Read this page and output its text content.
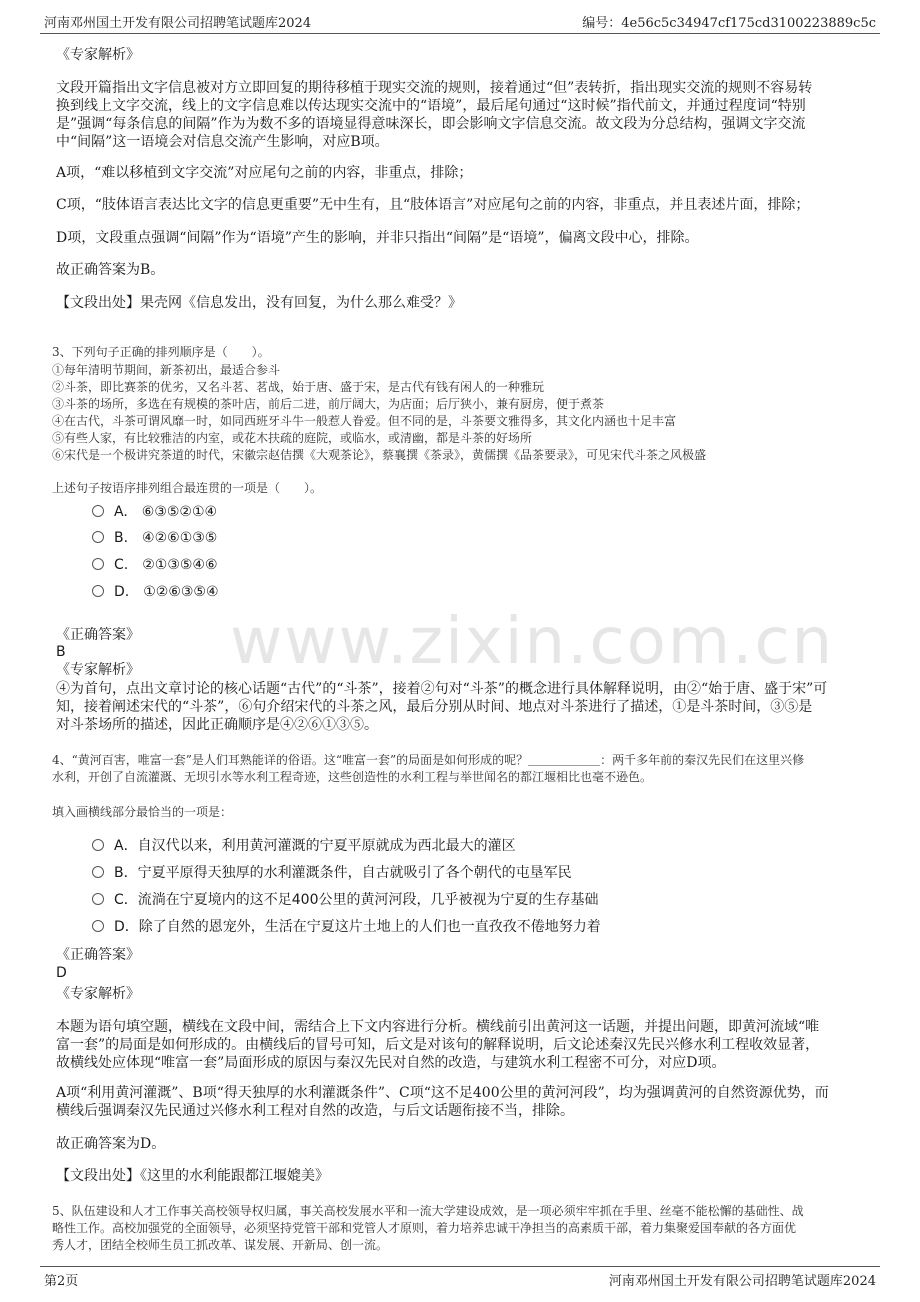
河南邓州国土开发有限公司招聘笔试题库2024	编号：4e56c5c34947cf175cd3100223889c5c
www.zixin.com.cn
《专家解析》
文段开篇指出文字信息被对方立即回复的期待移植于现实交流的规则，接着通过“但”表转折，指出现实交流的规则不容易转
换到线上文字交流，线上的文字信息难以传达现实交流中的“语境”，最后尾句通过“这时候”指代前文，并通过程度词“特别
是”强调“每条信息的间隔”作为为数不多的语境显得意味深长，即会影响文字信息交流。故文段为分总结构，强调文字交流
中“间隔”这一语境会对信息交流产生影响，对应B项。
A项，“难以移植到文字交流”对应尾句之前的内容，非重点，排除；
C项，“肢体语言表达比文字的信息更重要”无中生有，且“肢体语言”对应尾句之前的内容，非重点，并且表述片面，排除；
D项，文段重点强调“间隔”作为“语境”产生的影响，并非只指出“间隔”是“语境”，偏离文段中心，排除。
故正确答案为B。
【文段出处】果壳网《信息发出，没有回复，为什么那么难受？》
3、下列句子正确的排列顺序是（　　）。
①每年清明节期间，新茶初出，最适合参斗
②斗茶，即比赛茶的优劣，又名斗茗、茗战，始于唐、盛于宋，是古代有钱有闲人的一种雅玩
③斗茶的场所，多选在有规模的茶叶店，前后二进，前厅阔大，为店面；后厅狭小，兼有厨房，便于煮茶
④在古代，斗茶可谓风靡一时，如同西班牙斗牛一般惹人眷爱。但不同的是，斗茶要文雅得多，其文化内涵也十足丰富
⑤有些人家，有比较雅洁的内室，或花木扶疏的庭院，或临水，或清幽，都是斗茶的好场所
⑥宋代是一个极讲究茶道的时代，宋徽宗赵佶撰《大观茶论》，蔡襄撰《茶录》，黄儒撰《品茶要录》，可见宋代斗茶之风极盛
上述句子按语序排列组合最连贯的一项是（　　）。
A.　⑥③⑤②①④
B.　④②⑥①③⑤
C.　②①③⑤④⑥
D.　①②⑥③⑤④
《正确答案》
B
《专家解析》
④为首句，点出文章讨论的核心话题“古代”的“斗茶”，接着②句对“斗茶”的概念进行具体解释说明，由②“始于唐、盛于宋”可
知，接着阐述宋代的“斗茶”，⑥句介绍宋代的斗茶之风，最后分别从时间、地点对斗茶进行了描述，①是斗茶时间，③⑤是
对斗茶场所的描述，因此正确顺序是④②⑥①③⑤。
4、“黄河百害，唯富一套”是人们耳熟能详的俗语。这“唯富一套”的局面是如何形成的呢？＿＿＿＿＿＿：两千多年前的秦汉先民们在这里兴修
水利，开创了自流灌溉、无坝引水等水利工程奇迹，这些创造性的水利工程与举世闻名的都江堰相比也毫不逊色。
填入画横线部分最恰当的一项是：
A．自汉代以来，利用黄河灌溉的宁夏平原就成为西北最大的灌区
B．宁夏平原得天独厚的水利灌溉条件，自古就吸引了各个朝代的屯垦军民
C．流淌在宁夏境内的这不足400公里的黄河河段，几乎被视为宁夏的生存基础
D．除了自然的恩宠外，生活在宁夏这片土地上的人们也一直孜孜不倦地努力着
《正确答案》
D
《专家解析》
本题为语句填空题，横线在文段中间，需结合上下文内容进行分析。横线前引出黄河这一话题，并提出问题，即黄河流域“唯
富一套”的局面是如何形成的。由横线后的冒号可知，后文是对该句的解释说明，后文论述秦汉先民兴修水利工程收效显著，
故横线处应体现“唯富一套”局面形成的原因与秦汉先民对自然的改造，与建筑水利工程密不可分，对应D项。
A项“利用黄河灌溉”、B项“得天独厚的水利灌溉条件”、C项“这不足400公里的黄河河段”，均为强调黄河的自然资源优势，而
横线后强调秦汉先民通过兴修水利工程对自然的改造，与后文话题衔接不当，排除。
故正确答案为D。
【文段出处】《这里的水利能跟都江堰媲美》
5、队伍建设和人才工作事关高校领导权归属，事关高校发展水平和一流大学建设成效，是一项必须牢牢抓在手里、丝毫不能松懈的基础性、战
略性工作。高校加强党的全面领导，必须坚持党管干部和党管人才原则，着力培养忠诚干净担当的高素质干部，着力集聚爱国奉献的各方面优
秀人才，团结全校师生员工抓改革、谋发展、开新局、创一流。
第2页	河南邓州国土开发有限公司招聘笔试题库2024
